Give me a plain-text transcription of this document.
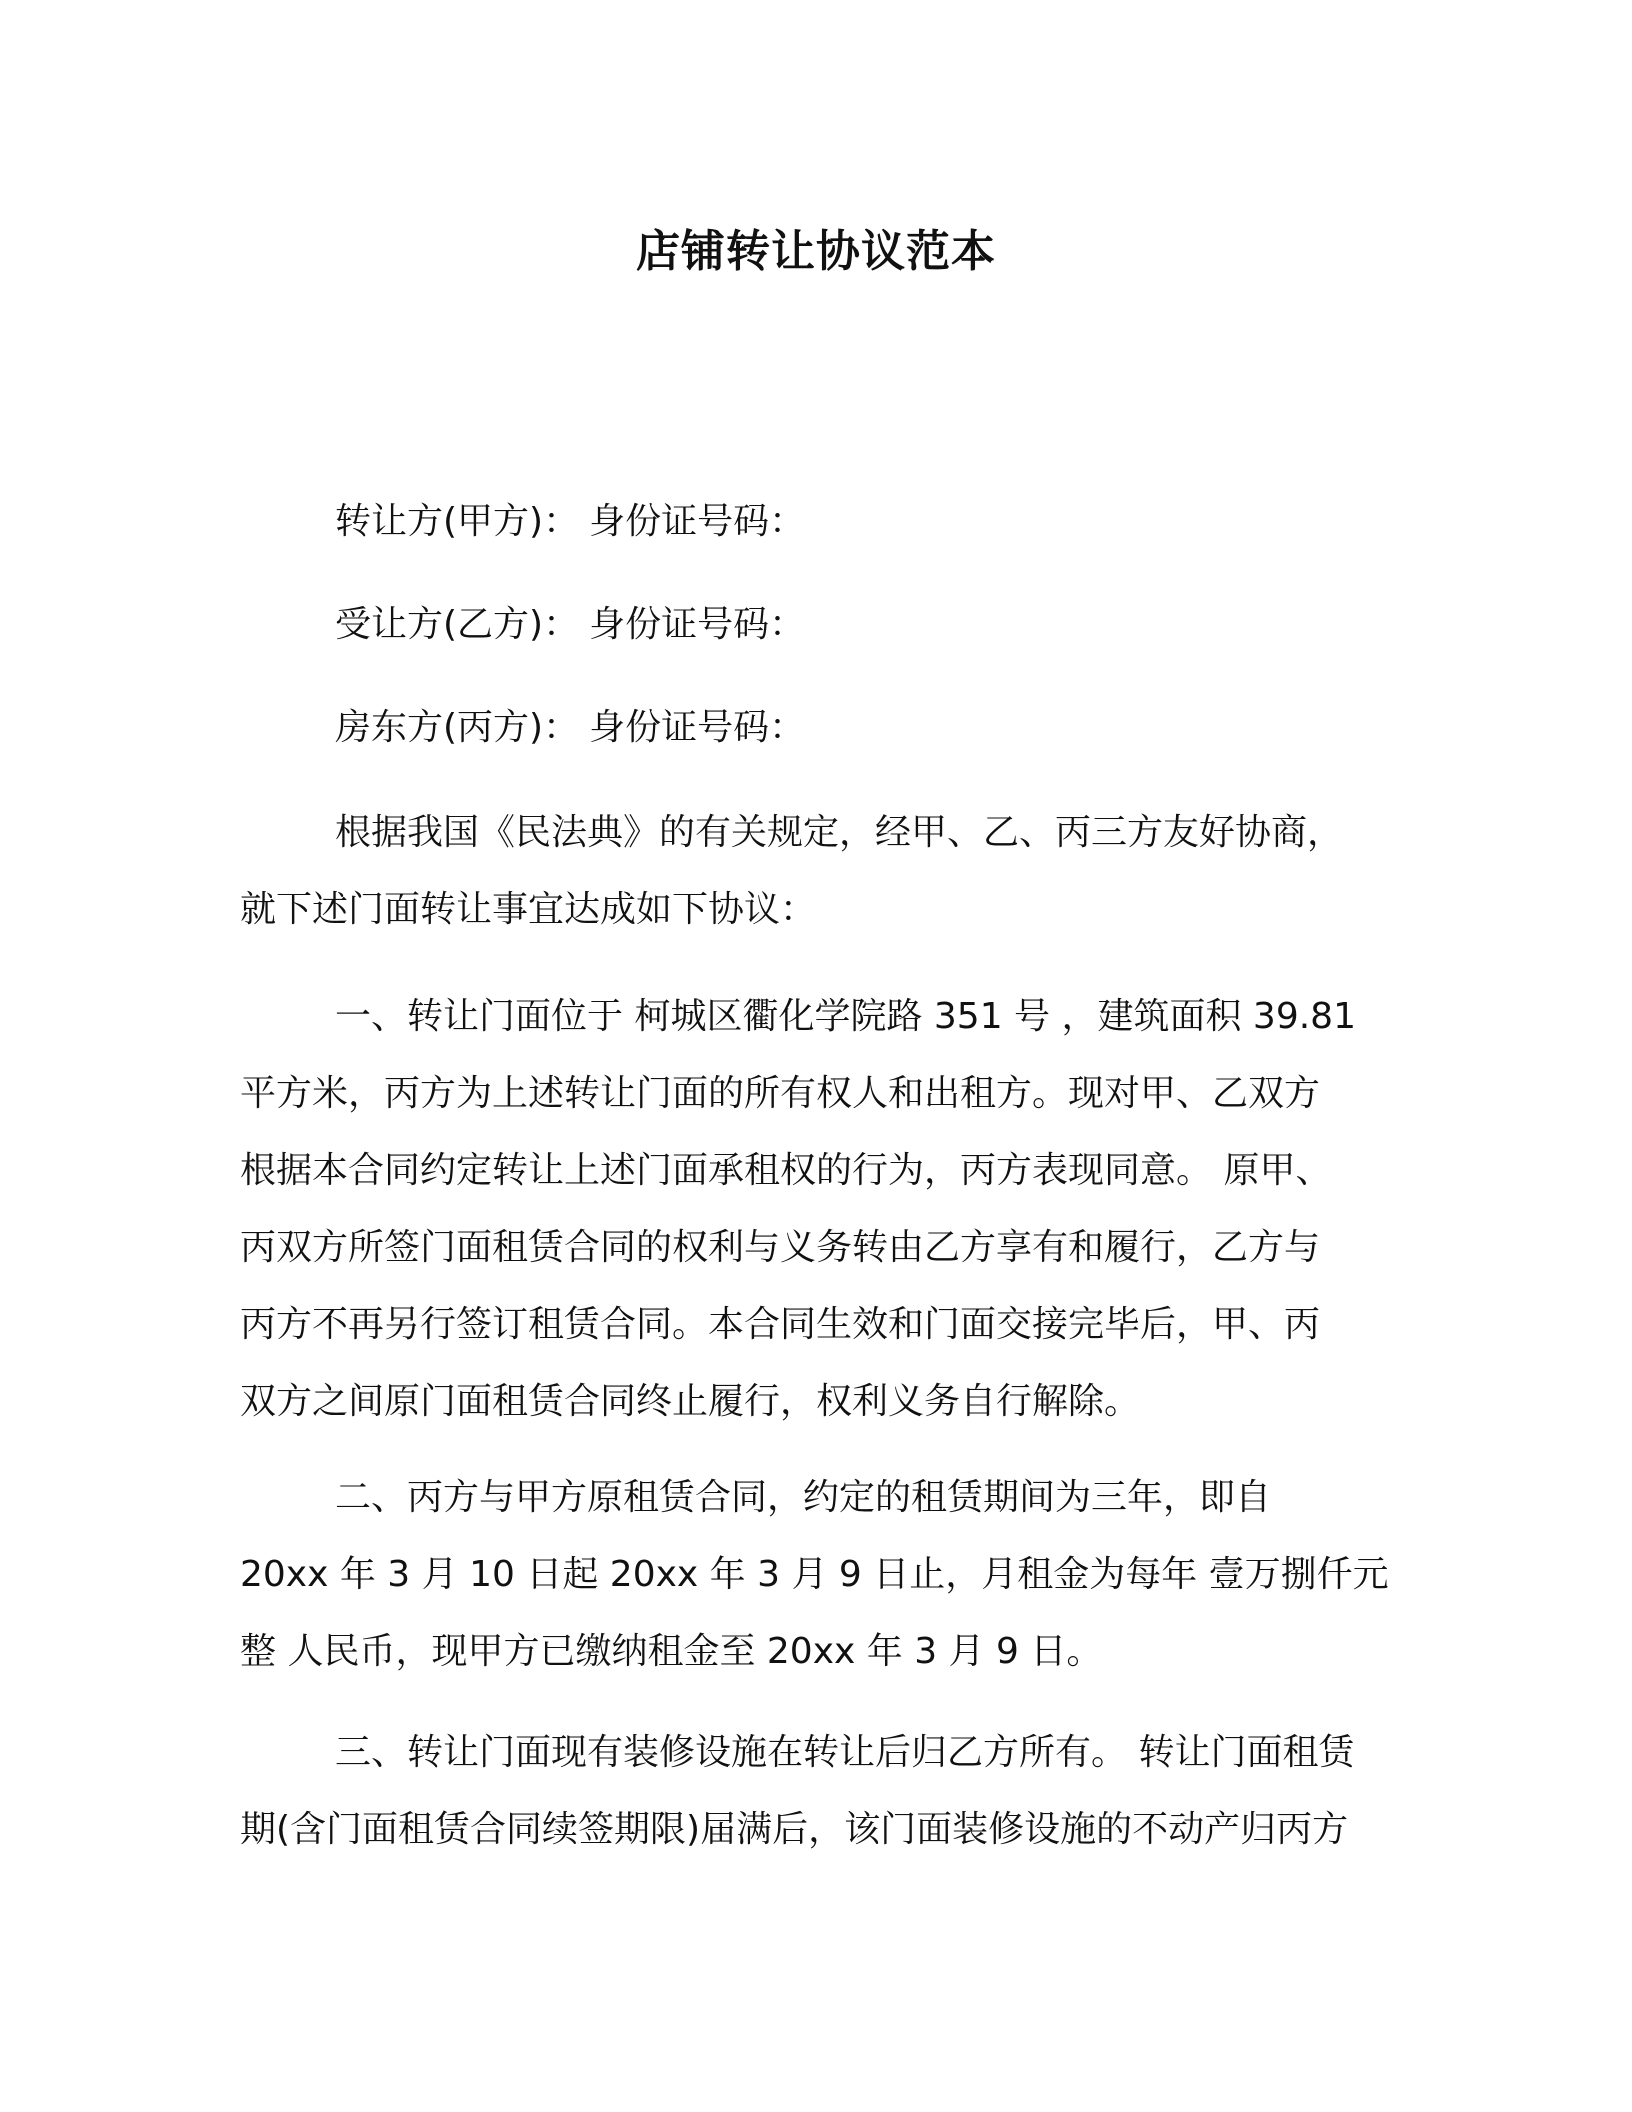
店铺转让协议范本
转让方(甲方)： 身份证号码：
受让方(乙方)： 身份证号码：
房东方(丙方)： 身份证号码：
根据我国《民法典》的有关规定，经甲、乙、丙三方友好协商，
就下述门面转让事宜达成如下协议：
一、转让门面位于 柯城区衢化学院路 351 号 ，建筑面积 39.81
平方米，丙方为上述转让门面的所有权人和出租方。现对甲、乙双方
根据本合同约定转让上述门面承租权的行为，丙方表现同意。 原甲、
丙双方所签门面租赁合同的权利与义务转由乙方享有和履行，乙方与
丙方不再另行签订租赁合同。本合同生效和门面交接完毕后，甲、丙
双方之间原门面租赁合同终止履行，权利义务自行解除。
二、丙方与甲方原租赁合同，约定的租赁期间为三年，即自
20xx 年 3 月 10 日起 20xx 年 3 月 9 日止，月租金为每年 壹万捌仟元
整 人民币，现甲方已缴纳租金至 20xx 年 3 月 9 日。
三、转让门面现有装修设施在转让后归乙方所有。 转让门面租赁
期(含门面租赁合同续签期限)届满后，该门面装修设施的不动产归丙方
